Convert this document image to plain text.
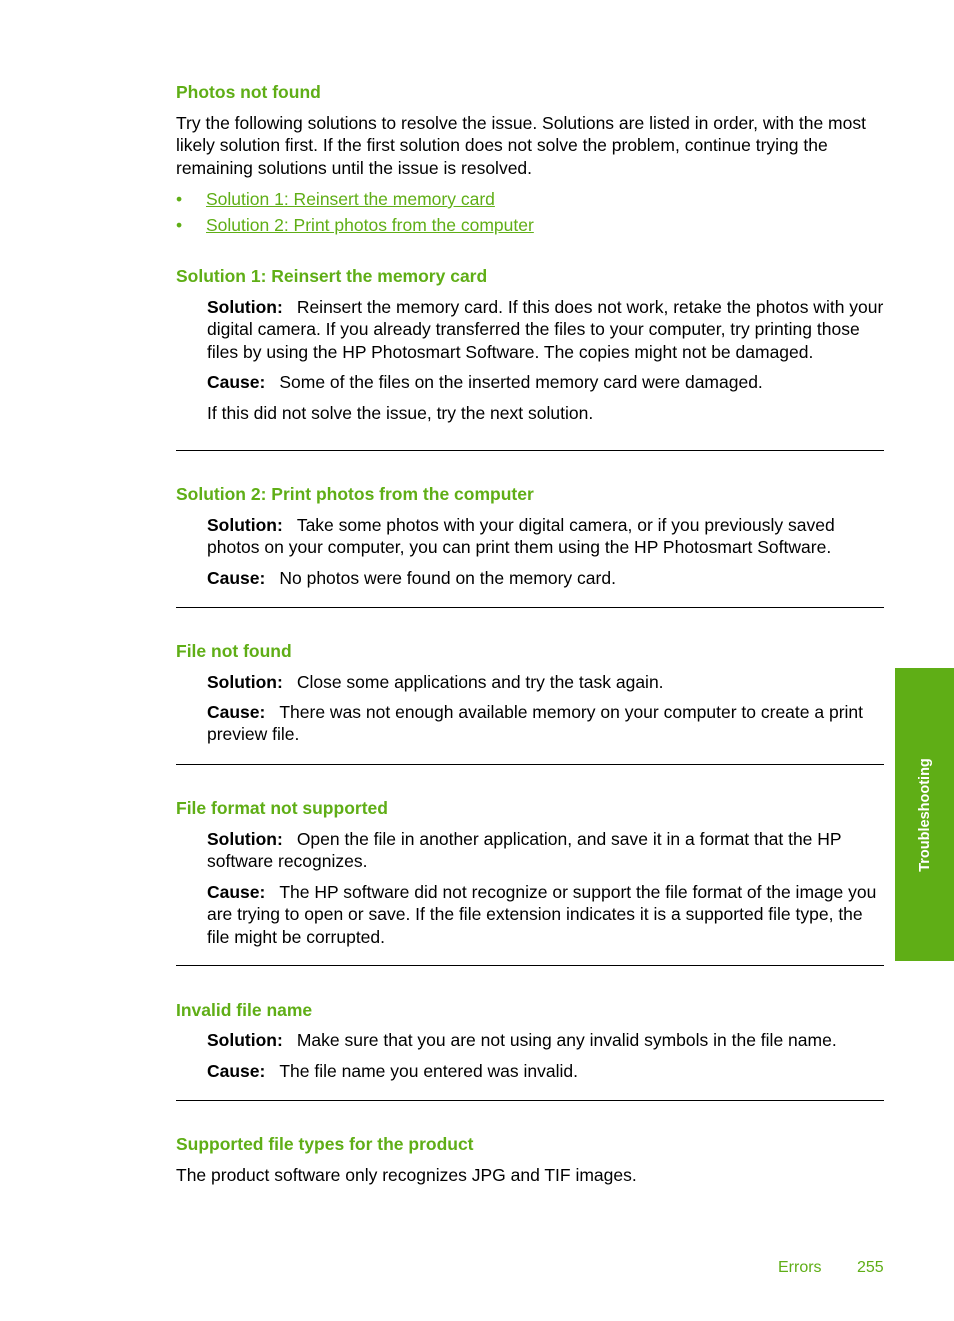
Photos not found

Try the following solutions to resolve the issue. Solutions are listed in order, with the most likely solution first. If the first solution does not solve the problem, continue trying the remaining solutions until the issue is resolved.

• Solution 1: Reinsert the memory card
• Solution 2: Print photos from the computer
Solution 1: Reinsert the memory card

Solution: Reinsert the memory card. If this does not work, retake the photos with your digital camera. If you already transferred the files to your computer, try printing those files by using the HP Photosmart Software. The copies might not be damaged.

Cause: Some of the files on the inserted memory card were damaged.

If this did not solve the issue, try the next solution.

Solution 2: Print photos from the computer

Solution: Take some photos with your digital camera, or if you previously saved photos on your computer, you can print them using the HP Photosmart Software.

Cause: No photos were found on the memory card.

File not found

Solution: Close some applications and try the task again.

Cause: There was not enough available memory on your computer to create a print preview file.

File format not supported

Solution: Open the file in another application, and save it in a format that the HP software recognizes.

Cause: The HP software did not recognize or support the file format of the image you are trying to open or save. If the file extension indicates it is a supported file type, the file might be corrupted.

Invalid file name

Solution: Make sure that you are not using any invalid symbols in the file name.

Cause: The file name you entered was invalid.

Supported file types for the product

The product software only recognizes JPG and TIF images.

Troubleshooting
Errors 255
